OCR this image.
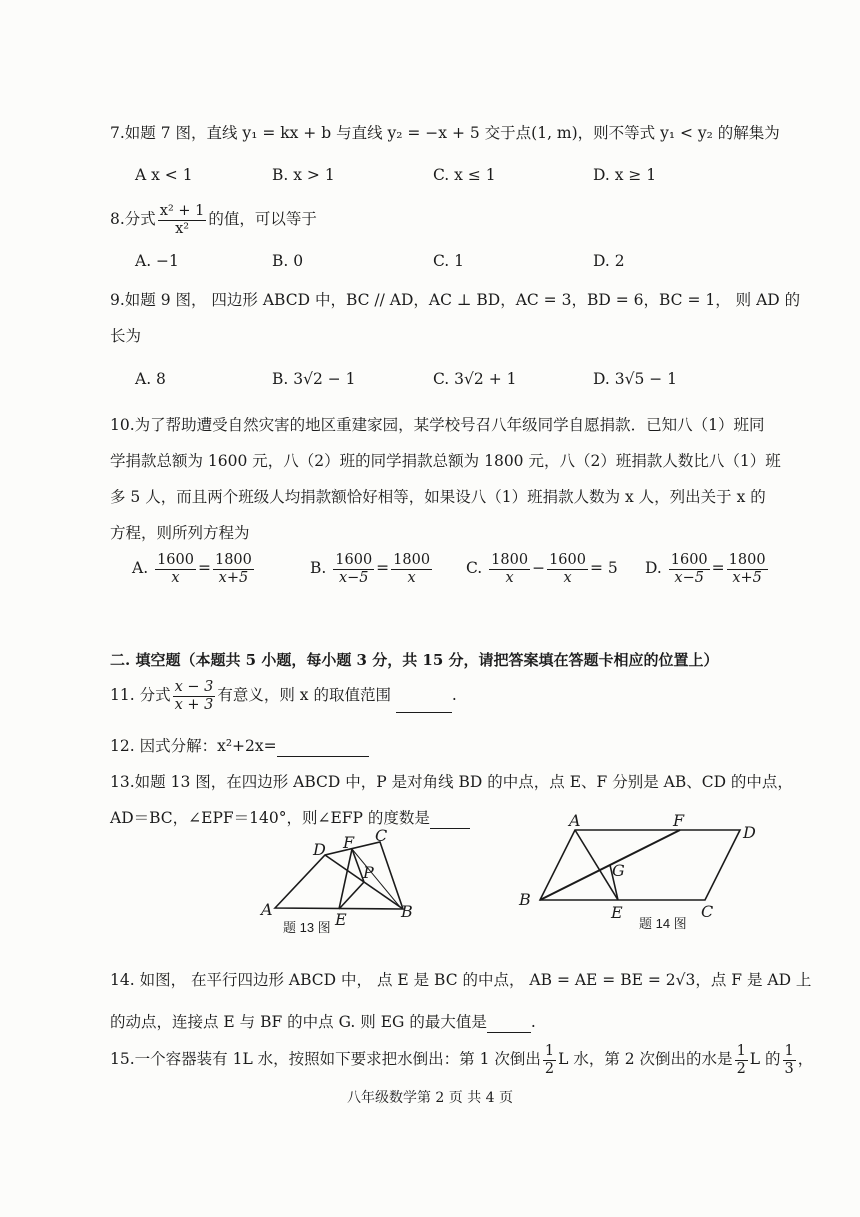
7.如题 7 图，直线 y₁ = kx + b 与直线 y₂ = −x + 5 交于点(1, m)，则不等式 y₁ < y₂ 的解集为
A x < 1	B. x > 1	C. x ≤ 1	D. x ≥ 1
8.分式 $\frac{\text{x² + 1}}{\text{x²}}$ 的值，可以等于
A. −1	B. 0	C. 1	D. 2
9.如题 9 图， 四边形 ABCD 中，BC // AD，AC ⊥ BD，AC = 3，BD = 6，BC = 1， 则 AD 的
长为
A. 8	B. 3√2 − 1	C. 3√2 + 1	D. 3√5 − 1
10.为了帮助遭受自然灾害的地区重建家园，某学校号召八年级同学自愿捐款．已知八（1）班同
学捐款总额为 1600 元，八（2）班的同学捐款总额为 1800 元，八（2）班捐款人数比八（1）班
多 5 人，而且两个班级人均捐款额恰好相等，如果设八（1）班捐款人数为 x 人，列出关于 x 的
方程，则所列方程为
A. $\frac{1600}{x} = \frac{1800}{x+5}$	B. $\frac{1600}{x-5} = \frac{1800}{x} C$. $\frac{1800}{x} - \frac{1600}{x} = 5$ D. $\frac{1600}{x-5} = \frac{1800}{x+5}$
二. 填空题（本题共 5 小题，每小题 3 分，共 15 分，请把答案填在答题卡相应的位置上）
11. 分式 $\frac{x - 3}{x + 3}$ 有意义，则 x 的取值范围	.
12. 因式分解：x²+2x=
13.如题 13 图，在四边形 ABCD 中，P 是对角线 BD 的中点，点 E、F 分别是 AB、CD 的中点，
AD＝BC，∠EPF＝140°，则∠EFP 的度数是
A	B
C
D
E
F
P
题 13 图
A
B
C
D
E
F
G
题 14 图
14. 如图， 在平行四边形 ABCD 中， 点 E 是 BC 的中点， AB = AE = BE = 2√3，点 F 是 AD 上
的动点，连接点 E 与 BF 的中点 G. 则 EG 的最大值是	.
15.一个容器装有 1L 水，按照如下要求把水倒出：第 1 次倒出 $\frac{1}{2}$ L 水，第 2 次倒出的水是 $\frac{1}{2}$ L 的 $\frac{1}{3}$ ，
八年级数学第 2 页 共 4 页
